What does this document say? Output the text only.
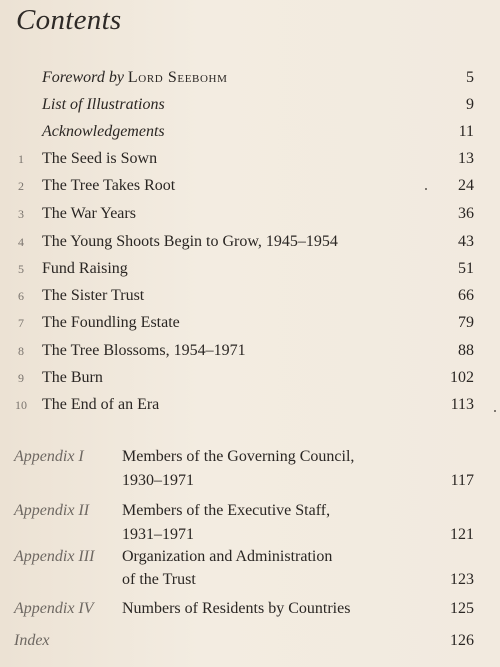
Contents
Foreword by Lord Seebohm	5
List of Illustrations	9
Acknowledgements	11
1	The Seed is Sown	13
2	The Tree Takes Root	24
3	The War Years	36
4	The Young Shoots Begin to Grow, 1945–1954	43
5	Fund Raising	51
6	The Sister Trust	66
7	The Foundling Estate	79
8	The Tree Blossoms, 1954–1971	88
9	The Burn	102
10 The End of an Era	113
Appendix I	Members of the Governing Council,
1930–1971	117
Appendix II	Members of the Executive Staff,
1931–1971	121
Appendix III	Organization and Administration
of the Trust	123
Appendix IV	Numbers of Residents by Countries	125
Index	126
